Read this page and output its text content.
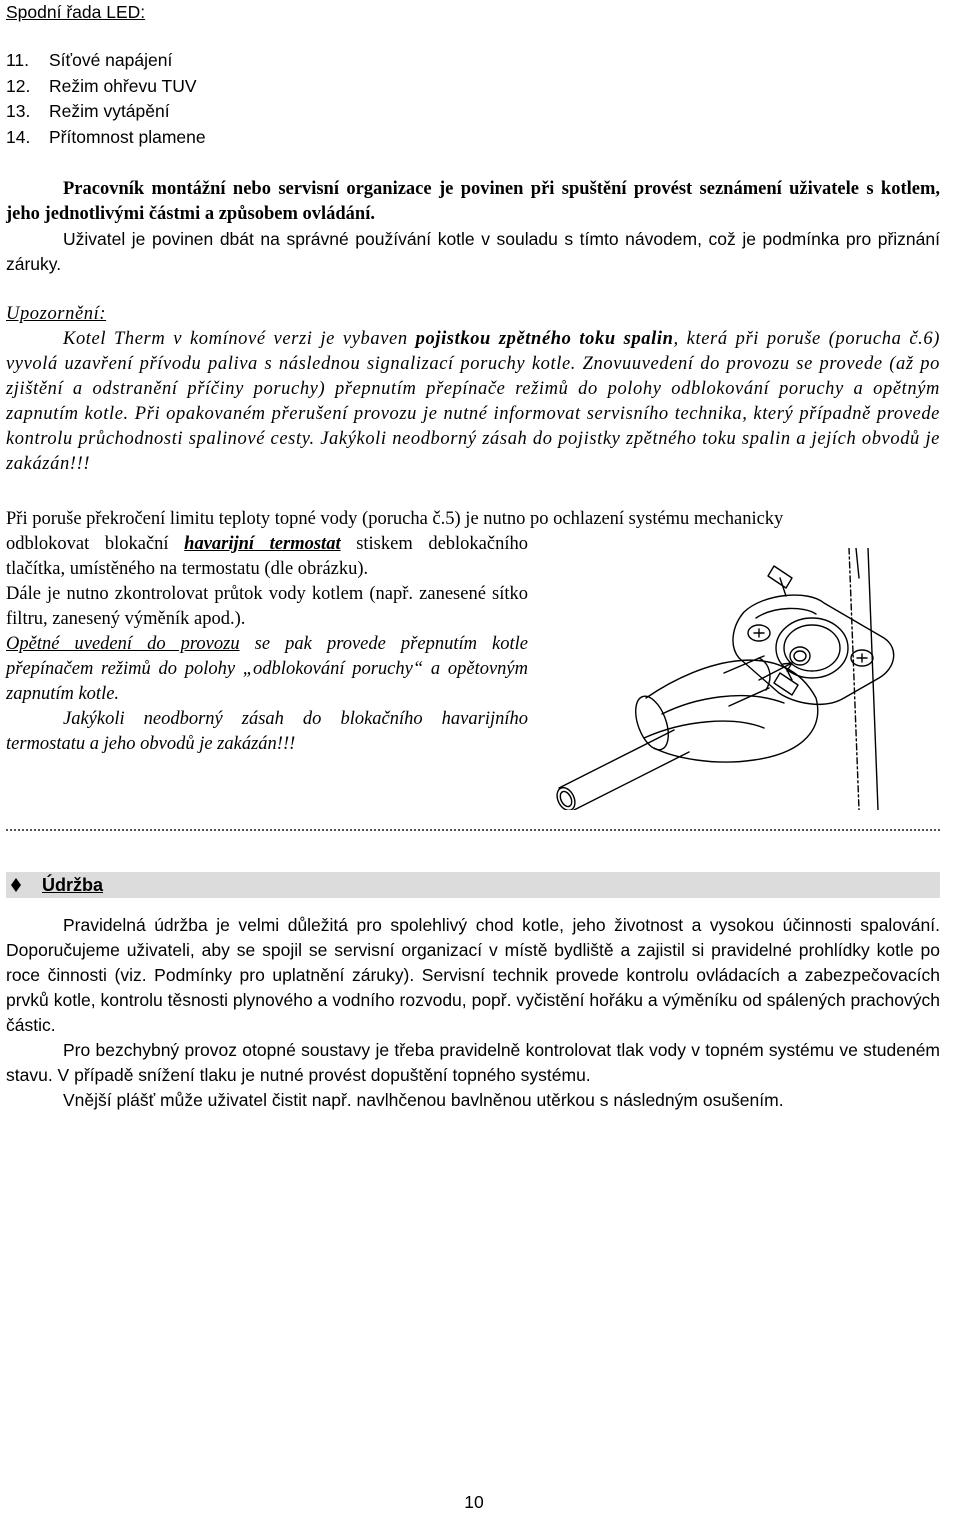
Spodní řada LED:
11. Síťové napájení
12. Režim ohřevu TUV
13. Režim vytápění
14. Přítomnost plamene

Pracovník montážní nebo servisní organizace je povinen při spuštění provést seznámení uživatele s kotlem, jeho jednotlivými částmi a způsobem ovládání.

Uživatel je povinen dbát na správné používání kotle v souladu s tímto návodem, což je podmínka pro přiznání záruky.

Upozornění:

Kotel Therm v komínové verzi je vybaven pojistkou zpětného toku spalin, která při poruše (porucha č.6) vyvolá uzavření přívodu paliva s následnou signalizací poruchy kotle. Znovuuvedení do provozu se provede (až po zjištění a odstranění příčiny poruchy) přepnutím přepínače režimů do polohy odblokování poruchy a opětným zapnutím kotle. Při opakovaném přerušení provozu je nutné informovat servisního technika, který případně provede kontrolu průchodnosti spalinové cesty. Jakýkoli neodborný zásah do pojistky zpětného toku spalin a jejích obvodů je zakázán!!!

Při poruše překročení limitu teploty topné vody (porucha č.5) je nutno po ochlazení systému mechanicky

odblokovat blokační havarijní termostat stiskem deblokačního tlačítka, umístěného na termostatu (dle obrázku).

Dále je nutno zkontrolovat průtok vody kotlem (např. zanesené sítko filtru, zanesený výměník apod.).

Opětné uvedení do provozu se pak provede přepnutím kotle přepínačem režimů do polohy „odblokování poruchy“ a opětovným zapnutím kotle.

Jakýkoli neodborný zásah do blokačního havarijního termostatu a jeho obvodů je zakázán!!!

Údržba

Pravidelná údržba je velmi důležitá pro spolehlivý chod kotle, jeho životnost a vysokou účinnosti spalování. Doporučujeme uživateli, aby se spojil se servisní organizací v místě bydliště a zajistil si pravidelné prohlídky kotle po roce činnosti (viz. Podmínky pro uplatnění záruky). Servisní technik provede kontrolu ovládacích a zabezpečovacích prvků kotle, kontrolu těsnosti plynového a vodního rozvodu, popř. vyčistění hořáku a výměníku od spálených prachových částic.

Pro bezchybný provoz otopné soustavy je třeba pravidelně kontrolovat tlak vody v topném systému ve studeném stavu. V případě snížení tlaku je nutné provést dopuštění topného systému.

Vnější plášť může uživatel čistit např. navlhčenou bavlněnou utěrkou s následným osušením.

10
